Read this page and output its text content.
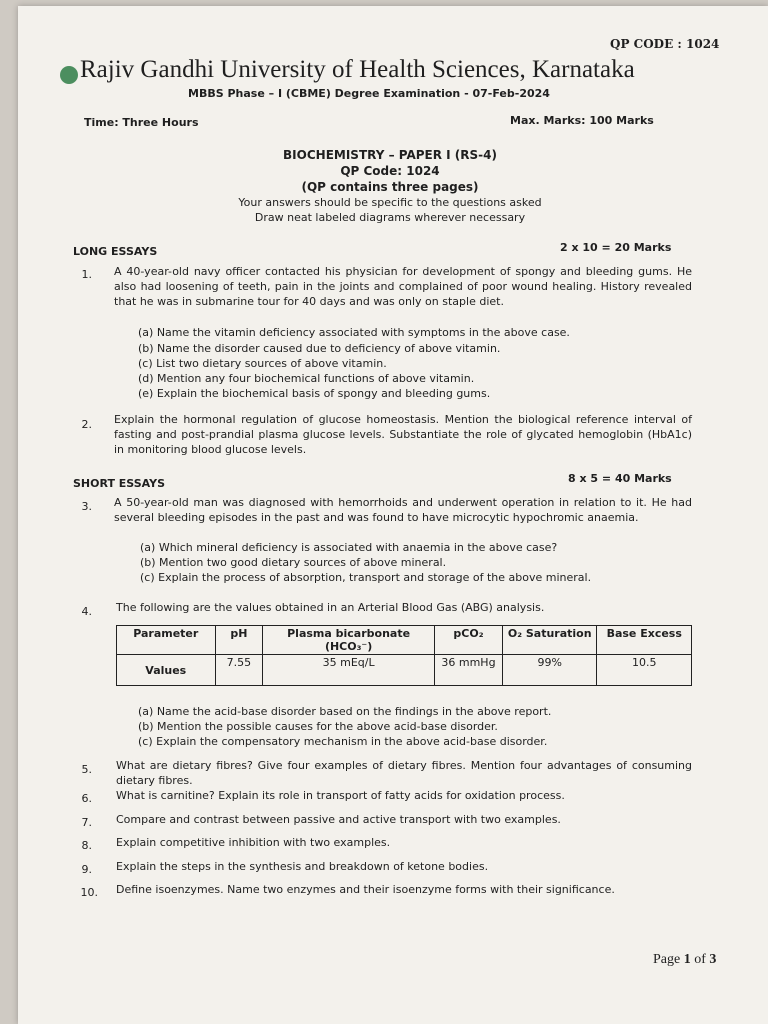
QP CODE : 1024
Rajiv Gandhi University of Health Sciences, Karnataka
MBBS Phase – I (CBME) Degree Examination - 07-Feb-2024
Time: Three Hours	Max. Marks: 100 Marks
BIOCHEMISTRY – PAPER I (RS-4)
QP Code: 1024
(QP contains three pages)
Your answers should be specific to the questions asked
Draw neat labeled diagrams wherever necessary
LONG ESSAYS	2 x 10 = 20 Marks
1. A 40-year-old navy officer contacted his physician for development of spongy and bleeding gums. He also had loosening of teeth, pain in the joints and complained of poor wound healing. History revealed that he was in submarine tour for 40 days and was only on staple diet.
(a) Name the vitamin deficiency associated with symptoms in the above case.
(b) Name the disorder caused due to deficiency of above vitamin.
(c) List two dietary sources of above vitamin.
(d) Mention any four biochemical functions of above vitamin.
(e) Explain the biochemical basis of spongy and bleeding gums.
2. Explain the hormonal regulation of glucose homeostasis. Mention the biological reference interval of fasting and post-prandial plasma glucose levels. Substantiate the role of glycated hemoglobin (HbA1c) in monitoring blood glucose levels.
SHORT ESSAYS	8 x 5 = 40 Marks
3. A 50-year-old man was diagnosed with hemorrhoids and underwent operation in relation to it. He had several bleeding episodes in the past and was found to have microcytic hypochromic anaemia.
(a) Which mineral deficiency is associated with anaemia in the above case?
(b) Mention two good dietary sources of above mineral.
(c) Explain the process of absorption, transport and storage of the above mineral.
4. The following are the values obtained in an Arterial Blood Gas (ABG) analysis.
Parameter	pH	Plasma bicarbonate (HCO₃⁻)	pCO₂	O₂ Saturation	Base Excess
Values	7.55	35 mEq/L	36 mmHg	99%	10.5
(a) Name the acid-base disorder based on the findings in the above report.
(b) Mention the possible causes for the above acid-base disorder.
(c) Explain the compensatory mechanism in the above acid-base disorder.
5. What are dietary fibres? Give four examples of dietary fibres. Mention four advantages of consuming dietary fibres.
6. What is carnitine? Explain its role in transport of fatty acids for oxidation process.
7. Compare and contrast between passive and active transport with two examples.
8. Explain competitive inhibition with two examples.
9. Explain the steps in the synthesis and breakdown of ketone bodies.
10. Define isoenzymes. Name two enzymes and their isoenzyme forms with their significance.
Page 1 of 3
